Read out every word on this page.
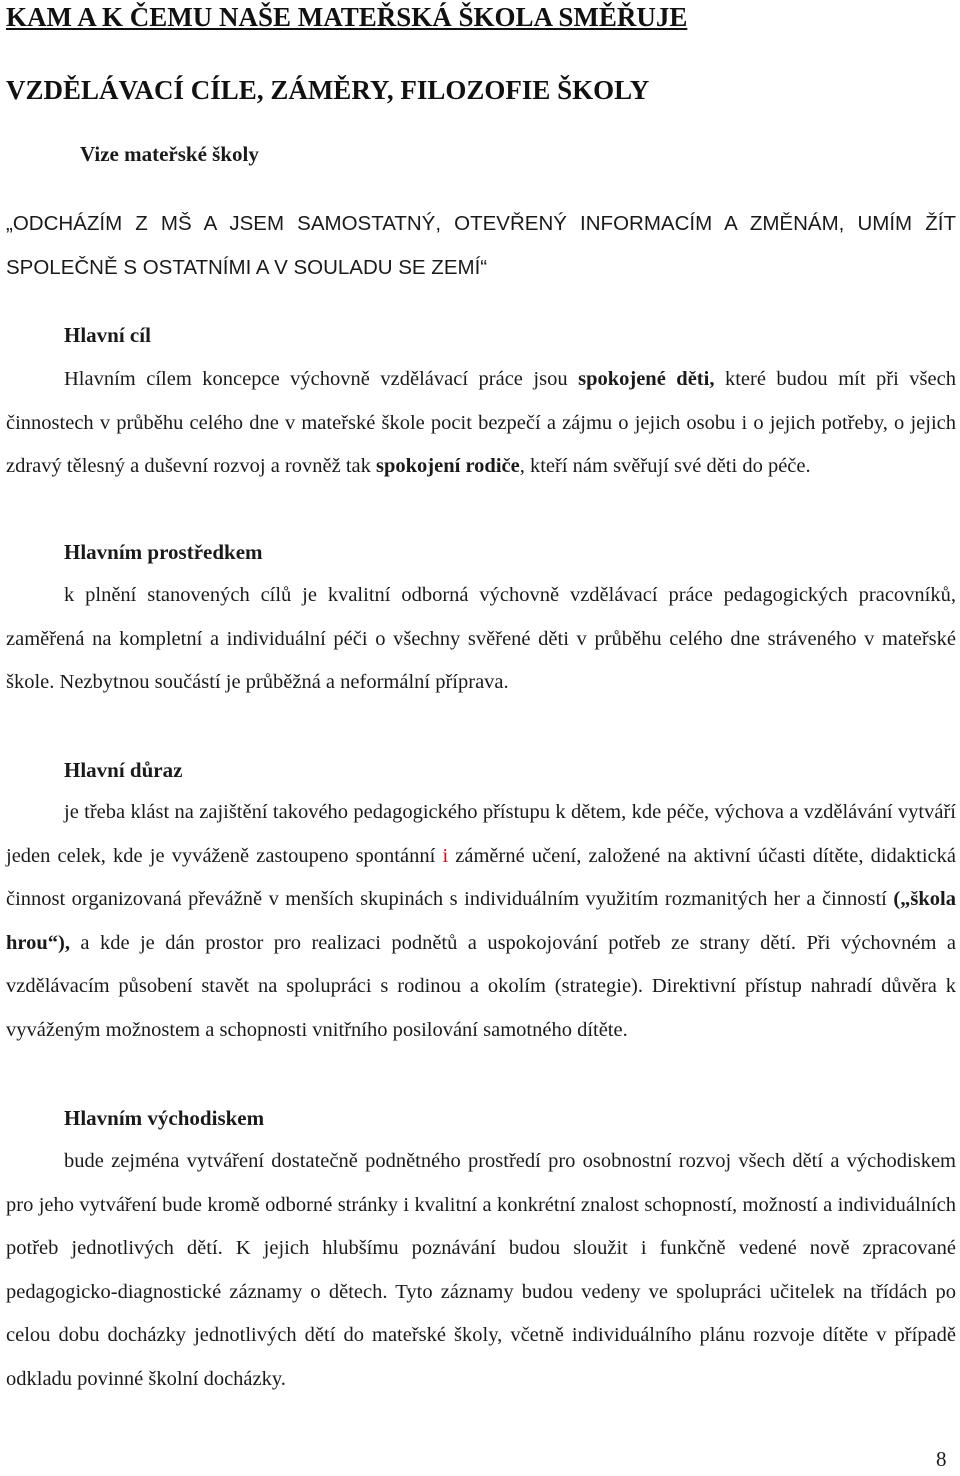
KAM A K ČEMU NAŠE MATEŘSKÁ ŠKOLA SMĚŘUJE
VZDĚLÁVACÍ CÍLE, ZÁMĚRY, FILOZOFIE ŠKOLY
Vize mateřské školy

„ODCHÁZÍM Z MŠ A JSEM SAMOSTATNÝ, OTEVŘENÝ INFORMACÍM A ZMĚNÁM, UMÍM ŽÍT SPOLEČNĚ S OSTATNÍMI A V SOULADU SE ZEMÍ“

Hlavní cíl

Hlavním cílem koncepce výchovně vzdělávací práce jsou spokojené děti, které budou mít při všech činnostech v průběhu celého dne v mateřské škole pocit bezpečí a zájmu o jejich osobu i o jejich potřeby, o jejich zdravý tělesný a duševní rozvoj a rovněž tak spokojení rodiče, kteří nám svěřují své děti do péče.

Hlavním prostředkem

k plnění stanovených cílů je kvalitní odborná výchovně vzdělávací práce pedagogických pracovníků, zaměřená na kompletní a individuální péči o všechny svěřené děti v průběhu celého dne stráveného v mateřské škole. Nezbytnou součástí je průběžná a neformální příprava.

Hlavní důraz

je třeba klást na zajištění takového pedagogického přístupu k dětem, kde péče, výchova a vzdělávání vytváří jeden celek, kde je vyváženě zastoupeno spontánní i záměrné učení, založené na aktivní účasti dítěte, didaktická činnost organizovaná převážně v menších skupinách s individuálním využitím rozmanitých her a činností („škola hrou“), a kde je dán prostor pro realizaci podnětů a uspokojování potřeb ze strany dětí. Při výchovném a vzdělávacím působení stavět na spolupráci s rodinou a okolím (strategie). Direktivní přístup nahradí důvěra k vyváženým možnostem a schopnosti vnitřního posilování samotného dítěte.

Hlavním východiskem

bude zejména vytváření dostatečně podnětného prostředí pro osobnostní rozvoj všech dětí a východiskem pro jeho vytváření bude kromě odborné stránky i kvalitní a konkrétní znalost schopností, možností a individuálních potřeb jednotlivých dětí. K jejich hlubšímu poznávání budou sloužit i funkčně vedené nově zpracované pedagogicko-diagnostické záznamy o dětech. Tyto záznamy budou vedeny ve spolupráci učitelek na třídách po celou dobu docházky jednotlivých dětí do mateřské školy, včetně individuálního plánu rozvoje dítěte v případě odkladu povinné školní docházky.

8
